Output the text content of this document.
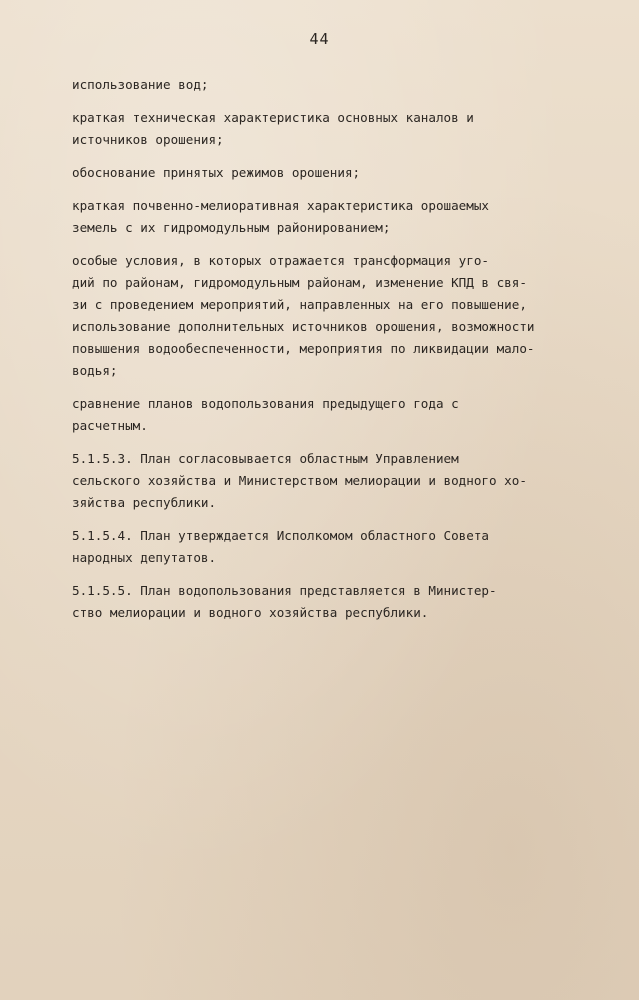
44

использование вод;

краткая техническая характеристика основных каналов и
источников орошения;

обоснование принятых режимов орошения;

краткая почвенно-мелиоративная характеристика орошаемых
земель с их гидромодульным районированием;

особые условия, в которых отражается трансформация уго-
дий по районам, гидромодульным районам, изменение КПД в свя-
зи с проведением мероприятий, направленных на его повышение,
использование дополнительных источников орошения, возможности
повышения водообеспеченности, мероприятия по ликвидации мало-
водья;

сравнение планов водопользования предыдущего года с
расчетным.

5.1.5.3. План согласовывается областным Управлением
сельского хозяйства и Министерством мелиорации и водного хо-
зяйства республики.

5.1.5.4. План утверждается Исполкомом областного Совета
народных депутатов.

5.1.5.5. План водопользования представляется в Министер-
ство мелиорации и водного хозяйства республики.
